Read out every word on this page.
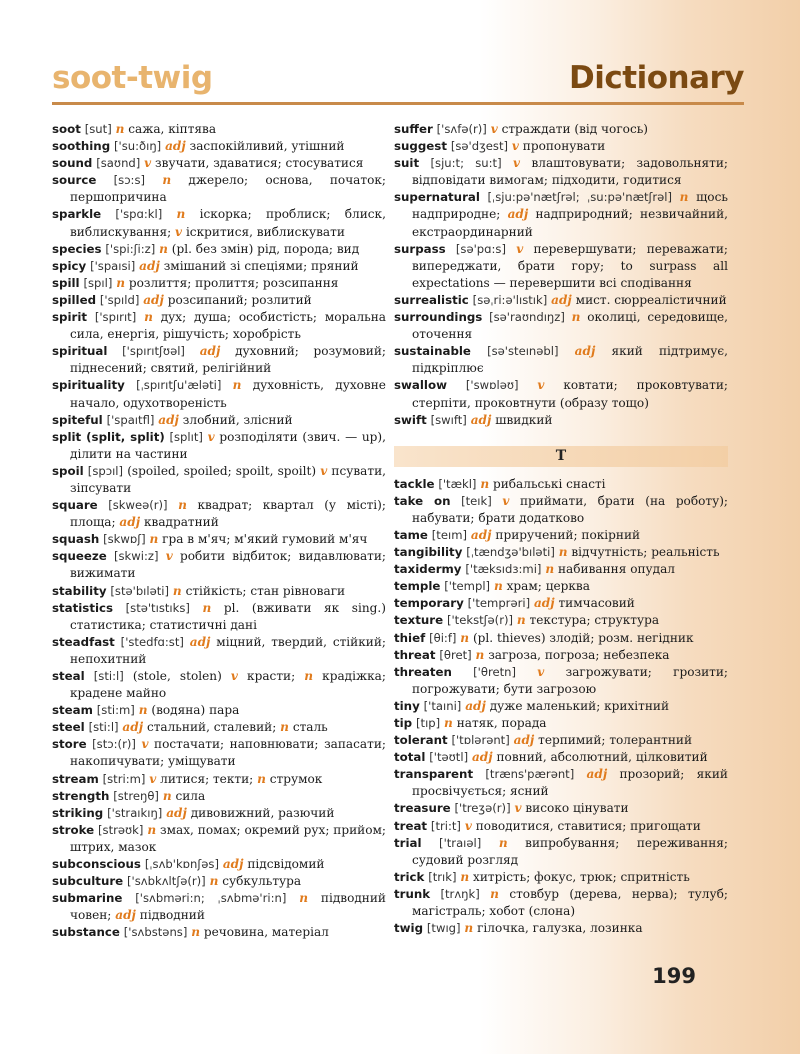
soot-twig	Dictionary
soot [sut] n сажа, кіптява
soothing ['su:ðıŋ] adj заспокійливий, утішний
sound [saʊnd] v звучати, здаватися; стосуватися
source [sɔ:s] n джерело; основа, початок; першопричина
sparkle ['spɑ:kl] n іскорка; проблиск; блиск, виблискування; v іскритися, виблискувати
species ['spi:ʃi:z] n (pl. без змін) рід, порода; вид
spicy ['spaısi] adj змішаний зі спеціями; пряний
spill [spıl] n розлиття; пролиття; розсипання
spilled ['spıld] adj розсипаний; розлитий
spirit ['spırıt] n дух; душа; особистість; моральна сила, енергія, рішучість; хоробрість
spiritual ['spırıtʃʊəl] adj духовний; розумовий; піднесений; святий, релігійний
spirituality [ˌspırıtʃu'æləti] n духовність, духовне начало, одухотвореність
spiteful ['spaıtfl] adj злобний, злісний
split (split, split) [splıt] v розподіляти (звич. — up), ділити на частини
spoil [spɔıl] (spoiled, spoiled; spoilt, spoilt) v псувати, зіпсувати
square [skweə(r)] n квадрат; квартал (у місті); площа; adj квадратний
squash [skwɒʃ] n гра в м'яч; м'який гумовий м'яч
squeeze [skwi:z] v робити відбиток; видавлювати; вижимати
stability [stə'bıləti] n стійкість; стан рівноваги
statistics [stə'tıstıks] n pl. (вживати як sing.) статистика; статистичні дані
steadfast ['stedfɑ:st] adj міцний, твердий, стійкий; непохитний
steal [sti:l] (stole, stolen) v красти; n крадіжка; крадене майно
steam [sti:m] n (водяна) пара
steel [sti:l] adj стальний, сталевий; n сталь
store [stɔ:(r)] v постачати; наповнювати; запасати; накопичувати; уміщувати
stream [stri:m] v литися; текти; n струмок
strength [streŋθ] n сила
striking ['straıkıŋ] adj дивовижний, разючий
stroke [strəʊk] n змах, помах; окремий рух; прийом; штрих, мазок
subconscious [ˌsʌb'kɒnʃəs] adj підсвідомий
subculture ['sʌbkʌltʃə(r)] n субкультура
submarine ['sʌbməri:n; ˌsʌbmə'ri:n] n підводний човен; adj підводний
substance ['sʌbstəns] n речовина, матеріал
suffer ['sʌfə(r)] v страждати (від чогось)
suggest [sə'dʒest] v пропонувати
suit [sju:t; su:t] v влаштовувати; задовольняти; відповідати вимогам; підходити, годитися
supernatural [ˌsju:pə'nætʃrəl; ˌsu:pə'nætʃrəl] n щось надприродне; adj надприродний; незвичайний, екстраординарний
surpass [sə'pɑ:s] v перевершувати; переважати; випереджати, брати гору; to surpass all expectations — перевершити всі сподівання
surrealistic [səˌri:ə'lıstık] adj мист. сюрреалістичний
surroundings [sə'raʊndıŋz] n околиці, середовище, оточення
sustainable [sə'steınəbl] adj який підтримує, підкріплює
swallow ['swɒləʊ] v ковтати; проковтувати; стерпіти, проковтнути (образу тощо)
swift [swıft] adj швидкий
T
tackle ['tækl] n рибальські снасті
take on [teık] v приймати, брати (на роботу); набувати; брати додатково
tame [teım] adj приручений; покірний
tangibility [ˌtændʒə'bıləti] n відчутність; реальність
taxidermy ['tæksıdɜ:mi] n набивання опудал
temple ['templ] n храм; церква
temporary ['temprəri] adj тимчасовий
texture ['tekstʃə(r)] n текстура; структура
thief [θi:f] n (pl. thieves) злодій; розм. негідник
threat [θret] n загроза, погроза; небезпека
threaten ['θretn] v загрожувати; грозити; погрожувати; бути загрозою
tiny ['taıni] adj дуже маленький; крихітний
tip [tıp] n натяк, порада
tolerant ['tɒlərənt] adj терпимий; толерантний
total ['təʊtl] adj повний, абсолютний, цілковитий
transparent [træns'pærənt] adj прозорий; який просвічується; ясний
treasure ['treʒə(r)] v високо цінувати
treat [tri:t] v поводитися, ставитися; пригощати
trial ['traıəl] n випробування; переживання; судовий розгляд
trick [trık] n хитрість; фокус, трюк; спритність
trunk [trʌŋk] n стовбур (дерева, нерва); тулуб; магістраль; хобот (слона)
twig [twıg] n гілочка, галузка, лозинка
199
